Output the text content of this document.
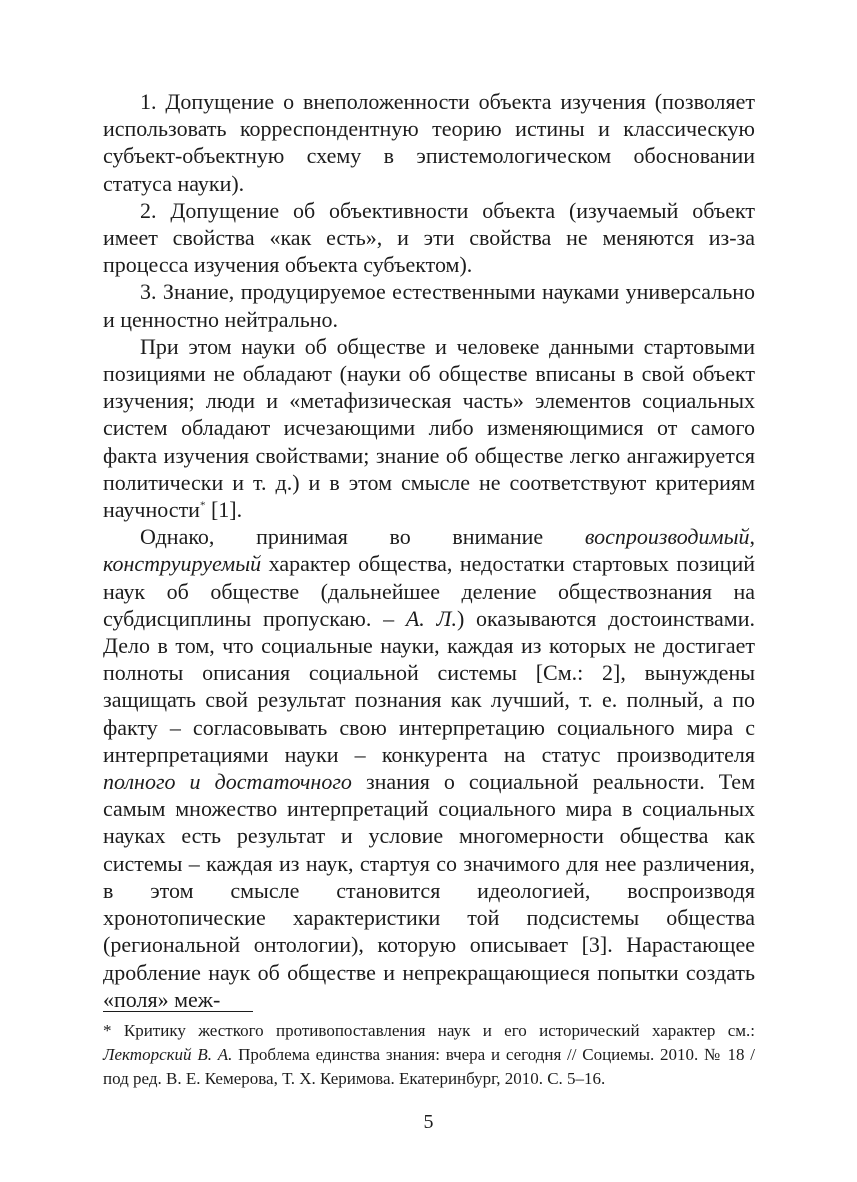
1. Допущение о внеположенности объекта изучения (позволяет использовать корреспондентную теорию истины и классическую субъект-объектную схему в эпистемологическом обосновании статуса науки).

2. Допущение об объективности объекта (изучаемый объект имеет свойства «как есть», и эти свойства не меняются из-за процесса изучения объекта субъектом).

3. Знание, продуцируемое естественными науками универсально и ценностно нейтрально.

При этом науки об обществе и человеке данными стартовыми позициями не обладают (науки об обществе вписаны в свой объект изучения; люди и «метафизическая часть» элементов социальных систем обладают исчезающими либо изменяющимися от самого факта изучения свойствами; знание об обществе легко ангажируется политически и т. д.) и в этом смысле не соответствуют критериям научности* [1].

Однако, принимая во внимание воспроизводимый, конструируемый характер общества, недостатки стартовых позиций наук об обществе (дальнейшее деление обществознания на субдисциплины пропускаю. – А. Л.) оказываются достоинствами. Дело в том, что социальные науки, каждая из которых не достигает полноты описания социальной системы [См.: 2], вынуждены защищать свой результат познания как лучший, т. е. полный, а по факту – согласовывать свою интерпретацию социального мира с интерпретациями науки – конкурента на статус производителя полного и достаточного знания о социальной реальности. Тем самым множество интерпретаций социального мира в социальных науках есть результат и условие многомерности общества как системы – каждая из наук, стартуя со значимого для нее различения, в этом смысле становится идеологией, воспроизводя хронотопические характеристики той подсистемы общества (региональной онтологии), которую описывает [3]. Нарастающее дробление наук об обществе и непрекращающиеся попытки создать «поля» меж-

* Критику жесткого противопоставления наук и его исторический характер см.: Лекторский В. А. Проблема единства знания: вчера и сегодня // Социемы. 2010. № 18 / под ред. В. Е. Кемерова, Т. Х. Керимова. Екатеринбург, 2010. С. 5–16.

5
